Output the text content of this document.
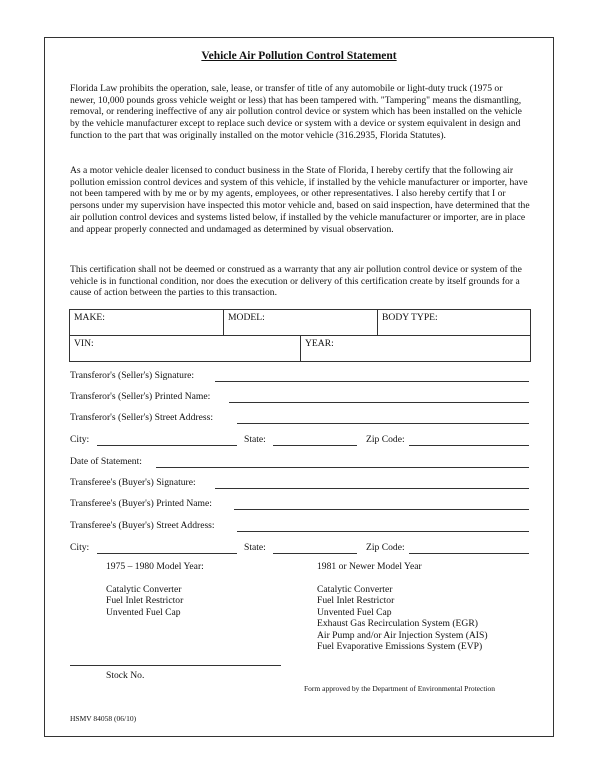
Vehicle Air Pollution Control Statement

Florida Law prohibits the operation, sale, lease, or transfer of title of any automobile or light-duty truck (1975 or newer, 10,000 pounds gross vehicle weight or less) that has been tampered with. "Tampering" means the dismantling, removal, or rendering ineffective of any air pollution control device or system which has been installed on the vehicle by the vehicle manufacturer except to replace such device or system with a device or system equivalent in design and function to the part that was originally installed on the motor vehicle (316.2935, Florida Statutes).

As a motor vehicle dealer licensed to conduct business in the State of Florida, I hereby certify that the following air pollution emission control devices and system of this vehicle, if installed by the vehicle manufacturer or importer, have not been tampered with by me or by my agents, employees, or other representatives. I also hereby certify that I or persons under my supervision have inspected this motor vehicle and, based on said inspection, have determined that the air pollution control devices and systems listed below, if installed by the vehicle manufacturer or importer, are in place and appear properly connected and undamaged as determined by visual observation.

This certification shall not be deemed or construed as a warranty that any air pollution control device or system of the vehicle is in functional condition, nor does the execution or delivery of this certification create by itself grounds for a cause of action between the parties to this transaction.

MAKE:	MODEL:	BODY TYPE:
VIN:	YEAR:
Transferor's (Seller's) Signature:
Transferor's (Seller's) Printed Name:
Transferor's (Seller's) Street Address:
City:	State:	Zip Code:
Date of Statement:
Transferee's (Buyer's) Signature:
Transferee's (Buyer's) Printed Name:
Transferee's (Buyer's) Street Address:
City:	State:	Zip Code:
1975 – 1980 Model Year:
Catalytic Converter
Fuel Inlet Restrictor
Unvented Fuel Cap
1981 or Newer Model Year
Catalytic Converter
Fuel Inlet Restrictor
Unvented Fuel Cap
Exhaust Gas Recirculation System (EGR)
Air Pump and/or Air Injection System (AIS)
Fuel Evaporative Emissions System (EVP)
Stock No.
Form approved by the Department of Environmental Protection
HSMV 84058 (06/10)
